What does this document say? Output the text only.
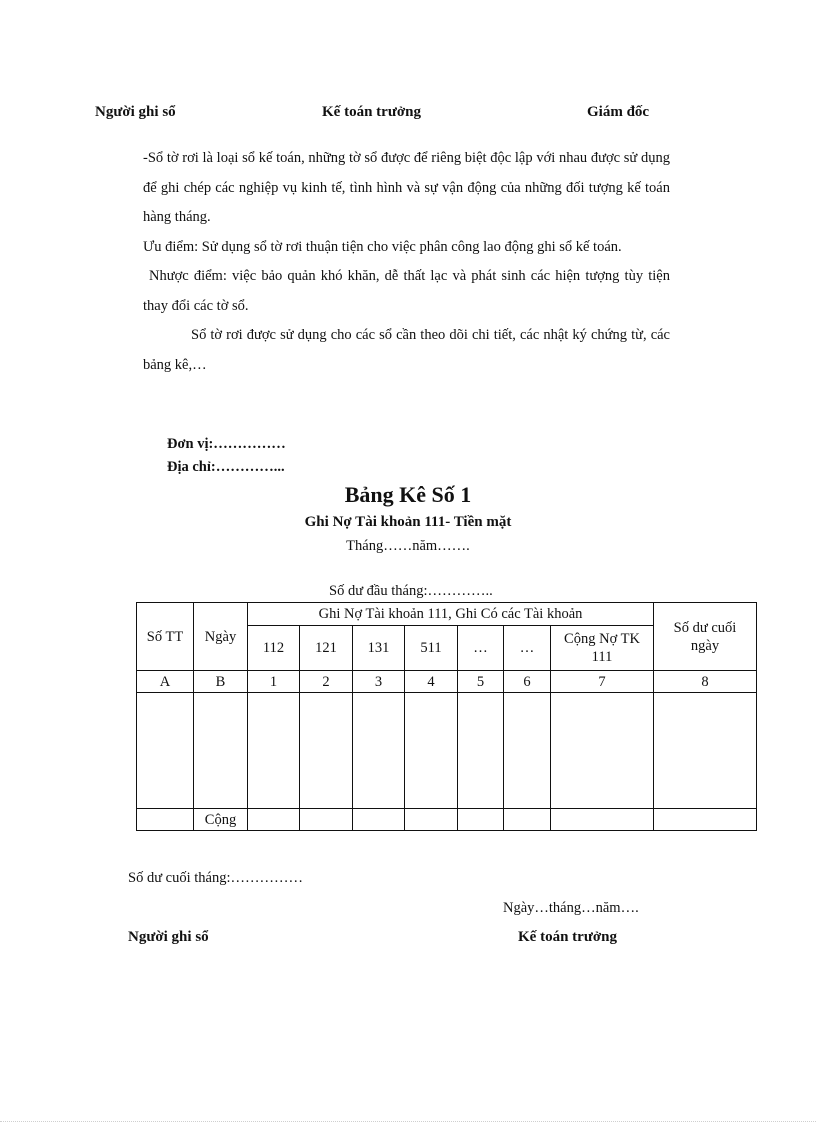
Người ghi sổ	Kế toán trưởng	Giám đốc

-Sổ tờ rơi là loại sổ kế toán, những tờ sổ được để riêng biệt độc lập với nhau được sử dụng để ghi chép các nghiệp vụ kinh tế, tình hình và sự vận động của những đối tượng kế toán hàng tháng.

Ưu điểm: Sử dụng sổ tờ rơi thuận tiện cho việc phân công lao động ghi sổ kế toán.

Nhược điểm: việc bảo quản khó khăn, dễ thất lạc và phát sinh các hiện tượng tùy tiện thay đổi các tờ sổ.

Sổ tờ rơi được sử dụng cho các sổ cần theo dõi chi tiết, các nhật ký chứng từ, các bảng kê,…

Đơn vị:……………
Địa chỉ:…………...
Bảng Kê Số 1
Ghi Nợ Tài khoản 111- Tiền mặt
Tháng……năm…….
Số dư đầu tháng:…………..
Số TT	Ngày	Ghi Nợ Tài khoản 111, Ghi Có các Tài khoản							Số dư cuối ngày
		112	121	131	511	…	…	Cộng Nợ TK
111	

A	B	1	2	3	4	5	6	7	8

	Cộng								
Số dư cuối tháng:……………
Ngày…tháng…năm….
Người ghi sổ	Kế toán trưởng
